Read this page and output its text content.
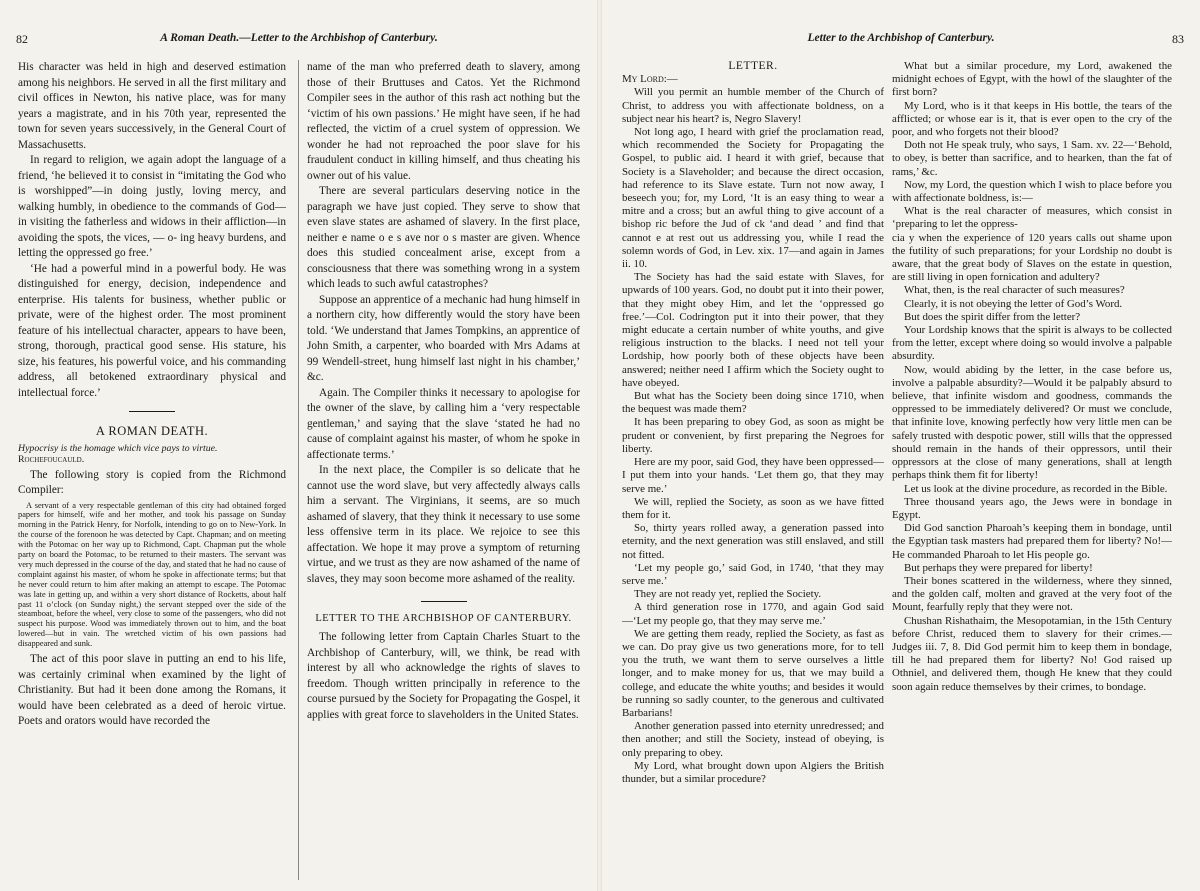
82	A Roman Death.—Letter to the Archbishop of Canterbury.

His character was held in high and deserved estimation among his neighbors. He served in all the first military and civil offices in Newton, his native place, was for many years a magistrate, and in his 70th year, represented the town for seven years successively, in the General Court of Massachusetts.

In regard to religion, we again adopt the language of a friend, ‘he believed it to consist in “imitating the God who is worshipped”—in doing justly, loving mercy, and walking humbly, in obedience to the commands of God—in visiting the fatherless and widows in their affliction—in avoiding the spots, the vices, — o- ing heavy burdens, and letting the oppressed go free.’

‘He had a powerful mind in a powerful body. He was distinguished for energy, decision, independence and enterprise. His talents for business, whether public or private, were of the highest order. The most prominent feature of his intellectual character, appears to have been, strong, thorough, practical good sense. His stature, his size, his features, his powerful voice, and his commanding address, all betokened extraordinary physical and intellectual force.’

A ROMAN DEATH.
Hypocrisy is the homage which vice pays to virtue.
Rochefoucauld.

The following story is copied from the Richmond Compiler:

A servant of a very respectable gentleman of this city had obtained forged papers for himself, wife and her mother, and took his passage on Sunday morning in the Patrick Henry, for Norfolk, intending to go on to New-York. In the course of the forenoon he was detected by Capt. Chapman; and on meeting with the Potomac on her way up to Richmond, Capt. Chapman put the whole party on board the Potomac, to be returned to their masters. The servant was very much depressed in the course of the day, and stated that he had no cause of complaint against his master, of whom he spoke in affectionate terms; but that he never could return to him after making an attempt to escape. The Potomac was late in getting up, and within a very short distance of Rocketts, about half past 11 o’clock (on Sunday night,) the servant stepped over the side of the steamboat, before the wheel, very close to some of the passengers, who did not suspect his purpose. Wood was immediately thrown out to him, and the boat lowered—but in vain. The wretched victim of his own passions had disappeared and sunk.

The act of this poor slave in putting an end to his life, was certainly criminal when examined by the light of Christianity. But had it been done among the Romans, it would have been celebrated as a deed of heroic virtue. Poets and orators would have recorded the

name of the man who preferred death to slavery, among those of their Bruttuses and Catos. Yet the Richmond Compiler sees in the author of this rash act nothing but the ‘victim of his own passions.’ He might have seen, if he had reflected, the victim of a cruel system of oppression. We wonder he had not reproached the poor slave for his fraudulent conduct in killing himself, and thus cheating his owner out of his value.

There are several particulars deserving notice in the paragraph we have just copied. They serve to show that even slave states are ashamed of slavery. In the first place, neither e name o e s ave nor o s master are given. Whence does this studied concealment arise, except from a consciousness that there was something wrong in a system which leads to such awful catastrophes?

Suppose an apprentice of a mechanic had hung himself in a northern city, how differently would the story have been told. ‘We understand that James Tompkins, an apprentice of John Smith, a carpenter, who boarded with Mrs Adams at 99 Wendell-street, hung himself last night in his chamber,’ &c.

Again. The Compiler thinks it necessary to apologise for the owner of the slave, by calling him a ‘very respectable gentleman,’ and saying that the slave ‘stated he had no cause of complaint against his master, of whom he spoke in affectionate terms.’

In the next place, the Compiler is so delicate that he cannot use the word slave, but very affectedly always calls him a servant. The Virginians, it seems, are so much ashamed of slavery, that they think it necessary to use some less offensive term in its place. We rejoice to see this affectation. We hope it may prove a symptom of returning virtue, and we trust as they are now ashamed of the name of slaves, they may soon become more ashamed of the reality.

LETTER TO THE ARCHBISHOP OF CANTERBURY.

The following letter from Captain Charles Stuart to the Archbishop of Canterbury, will, we think, be read with interest by all who acknowledge the rights of slaves to freedom. Though written principally in reference to the course pursued by the Society for Propagating the Gospel, it applies with great force to slaveholders in the United States.

Letter to the Archbishop of Canterbury.	83
LETTER.
My Lord:—

Will you permit an humble member of the Church of Christ, to address you with affectionate boldness, on a subject near his heart? is, Negro Slavery!

Not long ago, I heard with grief the proclamation read, which recommended the Society for Propagating the Gospel, to public aid. I heard it with grief, because that Society is a Slaveholder; and because the direct occasion, had reference to its Slave estate. Turn not now away, I beseech you; for, my Lord, ‘It is an easy thing to wear a mitre and a cross; but an awful thing to give account of a bishop ric before the Jud of ck ‘and dead ’ and find that cannot e at rest out us addressing you, while I read the solemn words of God, in Lev. xix. 17—and again in James ii. 10.

The Society has had the said estate with Slaves, for upwards of 100 years. God, no doubt put it into their power, that they might obey Him, and let the ‘oppressed go free.’—Col. Codrington put it into their power, that they might educate a certain number of white youths, and give religious instruction to the blacks. I need not tell your Lordship, how poorly both of these objects have been answered; neither need I affirm which the Society ought to have obeyed.

But what has the Society been doing since 1710, when the bequest was made them?

It has been preparing to obey God, as soon as might be prudent or convenient, by first preparing the Negroes for liberty.

Here are my poor, said God, they have been oppressed—I put them into your hands. ‘Let them go, that they may serve me.’

We will, replied the Society, as soon as we have fitted them for it.

So, thirty years rolled away, a generation passed into eternity, and the next generation was still enslaved, and still not fitted.

‘Let my people go,’ said God, in 1740, ‘that they may serve me.’

They are not ready yet, replied the Society.

A third generation rose in 1770, and again God said—‘Let my people go, that they may serve me.’

We are getting them ready, replied the Society, as fast as we can. Do pray give us two generations more, for to tell you the truth, we want them to serve ourselves a little longer, and to make money for us, that we may build a college, and educate the white youths; and besides it would be running so sadly counter, to the generous and cultivated Barbarians!

Another generation passed into eternity unredressed; and then another; and still the Society, instead of obeying, is only preparing to obey.

My Lord, what brought down upon Algiers the British thunder, but a similar procedure?

What but a similar procedure, my Lord, awakened the midnight echoes of Egypt, with the howl of the slaughter of the first born?

My Lord, who is it that keeps in His bottle, the tears of the afflicted; or whose ear is it, that is ever open to the cry of the poor, and who forgets not their blood?

Doth not He speak truly, who says, 1 Sam. xv. 22—‘Behold, to obey, is better than sacrifice, and to hearken, than the fat of rams,’ &c.

Now, my Lord, the question which I wish to place before you with affectionate boldness, is:—

What is the real character of measures, which consist in ‘preparing to let the oppress-

cia y when the experience of 120 years calls out shame upon the futility of such preparations; for your Lordship no doubt is aware, that the great body of Slaves on the estate in question, are still living in open fornication and adultery?

What, then, is the real character of such measures?

Clearly, it is not obeying the letter of God’s Word.

But does the spirit differ from the letter?

Your Lordship knows that the spirit is always to be collected from the letter, except where doing so would involve a palpable absurdity.

Now, would abiding by the letter, in the case before us, involve a palpable absurdity?—Would it be palpably absurd to believe, that infinite wisdom and goodness, commands the oppressed to be immediately delivered? Or must we conclude, that infinite love, knowing perfectly how very little men can be safely trusted with despotic power, still wills that the oppressed should remain in the hands of their oppressors, until their oppressors at the close of many generations, shall at length perhaps think them fit for liberty!

Let us look at the divine procedure, as recorded in the Bible.

Three thousand years ago, the Jews were in bondage in Egypt.

Did God sanction Pharoah’s keeping them in bondage, until the Egyptian task masters had prepared them for liberty? No!—He commanded Pharoah to let His people go.

But perhaps they were prepared for liberty!

Their bones scattered in the wilderness, where they sinned, and the golden calf, molten and graved at the very foot of the Mount, fearfully reply that they were not.

Chushan Rishathaim, the Mesopotamian, in the 15th Century before Christ, reduced them to slavery for their crimes.—Judges iii. 7, 8. Did God permit him to keep them in bondage, till he had prepared them for liberty? No! God raised up Othniel, and delivered them, though He knew that they could soon again reduce themselves by their crimes, to bondage.
